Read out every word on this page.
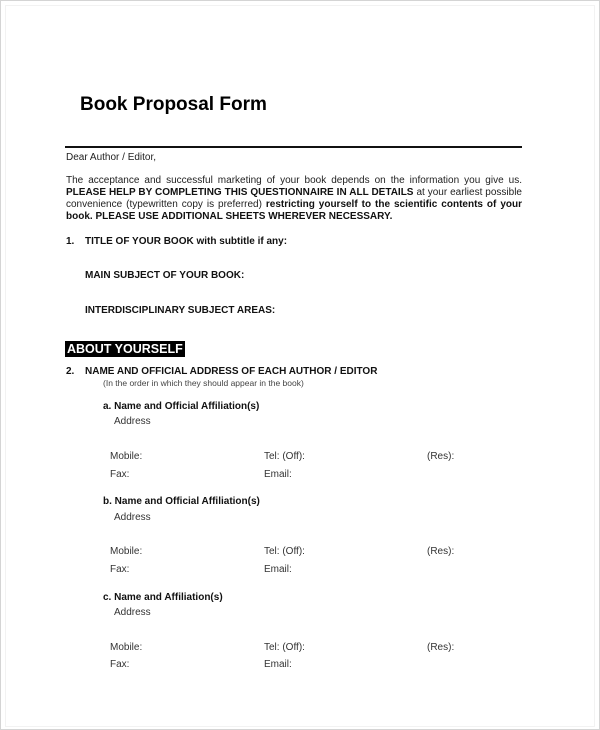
Book Proposal Form
Dear Author / Editor,
The acceptance and successful marketing of your book depends on the information you give us. PLEASE HELP BY COMPLETING THIS QUESTIONNAIRE IN ALL DETAILS at your earliest possible convenience (typewritten copy is preferred) restricting yourself to the scientific contents of your book. PLEASE USE ADDITIONAL SHEETS WHEREVER NECESSARY.
1. TITLE OF YOUR BOOK with subtitle if any:
MAIN SUBJECT OF YOUR BOOK:
INTERDISCIPLINARY SUBJECT AREAS:
ABOUT YOURSELF
2. NAME AND OFFICIAL ADDRESS OF EACH AUTHOR / EDITOR
(In the order in which they should appear in the book)
a. Name and Official Affiliation(s)
Address
Mobile:	Tel: (Off):	(Res):
Fax:	Email:
b. Name and Official Affiliation(s)
Address
Mobile:	Tel: (Off):	(Res):
Fax:	Email:
c. Name and Affiliation(s)
Address
Mobile:	Tel: (Off):	(Res):
Fax:	Email:
